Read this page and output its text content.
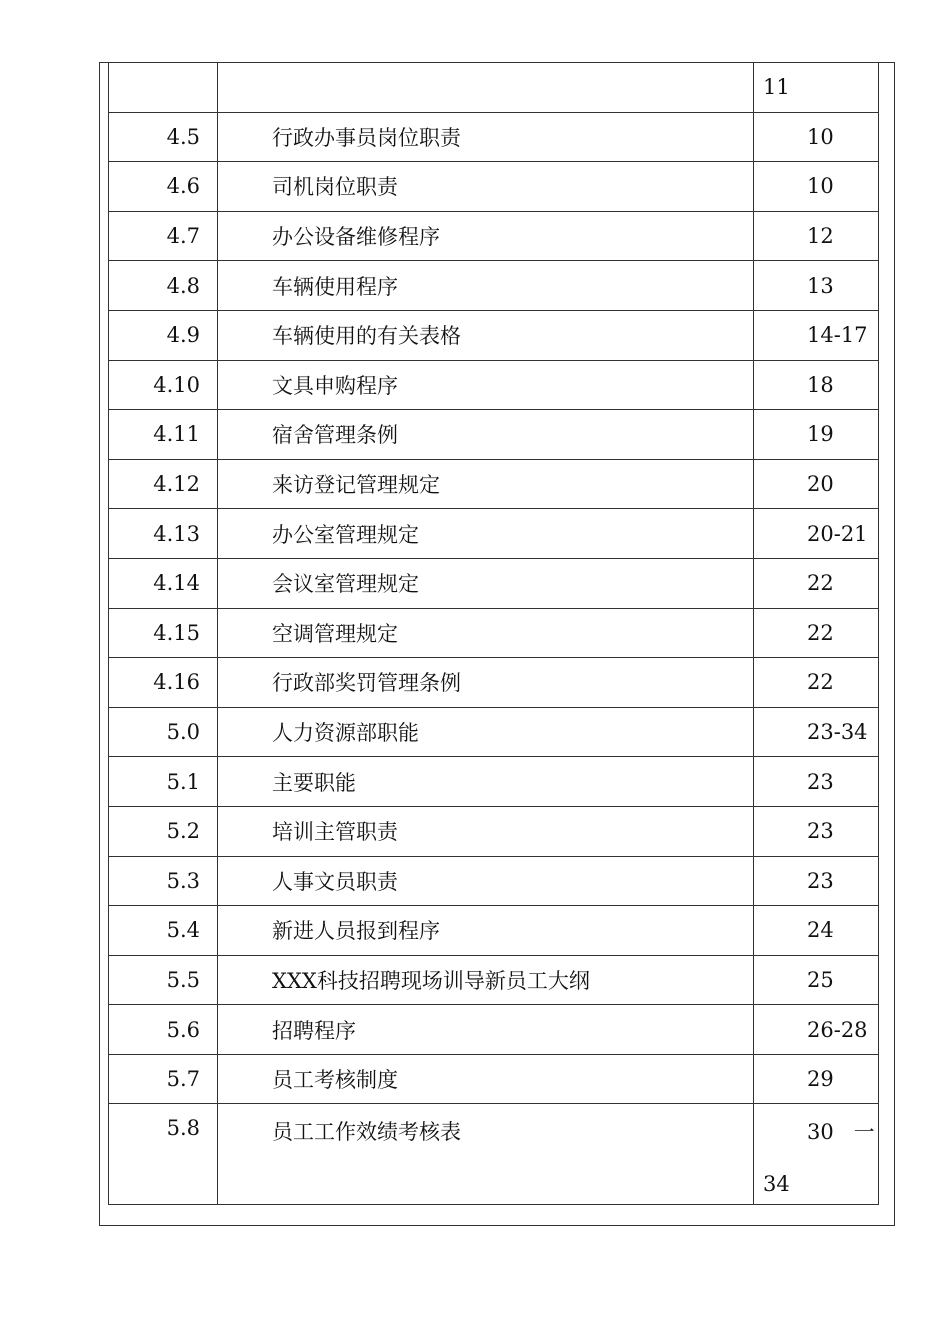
		11
4.5	行政办事员岗位职责	10
4.6	司机岗位职责	10
4.7	办公设备维修程序	12
4.8	车辆使用程序	13
4.9	车辆使用的有关表格	14-17
4.10	文具申购程序	18
4.11	宿舍管理条例	19
4.12	来访登记管理规定	20
4.13	办公室管理规定	20-21
4.14	会议室管理规定	22
4.15	空调管理规定	22
4.16	行政部奖罚管理条例	22
5.0	人力资源部职能	23-34
5.1	主要职能	23
5.2	培训主管职责	23
5.3	人事文员职责	23
5.4	新进人员报到程序	24
5.5	XXX科技招聘现场训导新员工大纲	25
5.6	招聘程序	26-28
5.7	员工考核制度	29
5.8	员工工作效绩考核表	30 一
34
